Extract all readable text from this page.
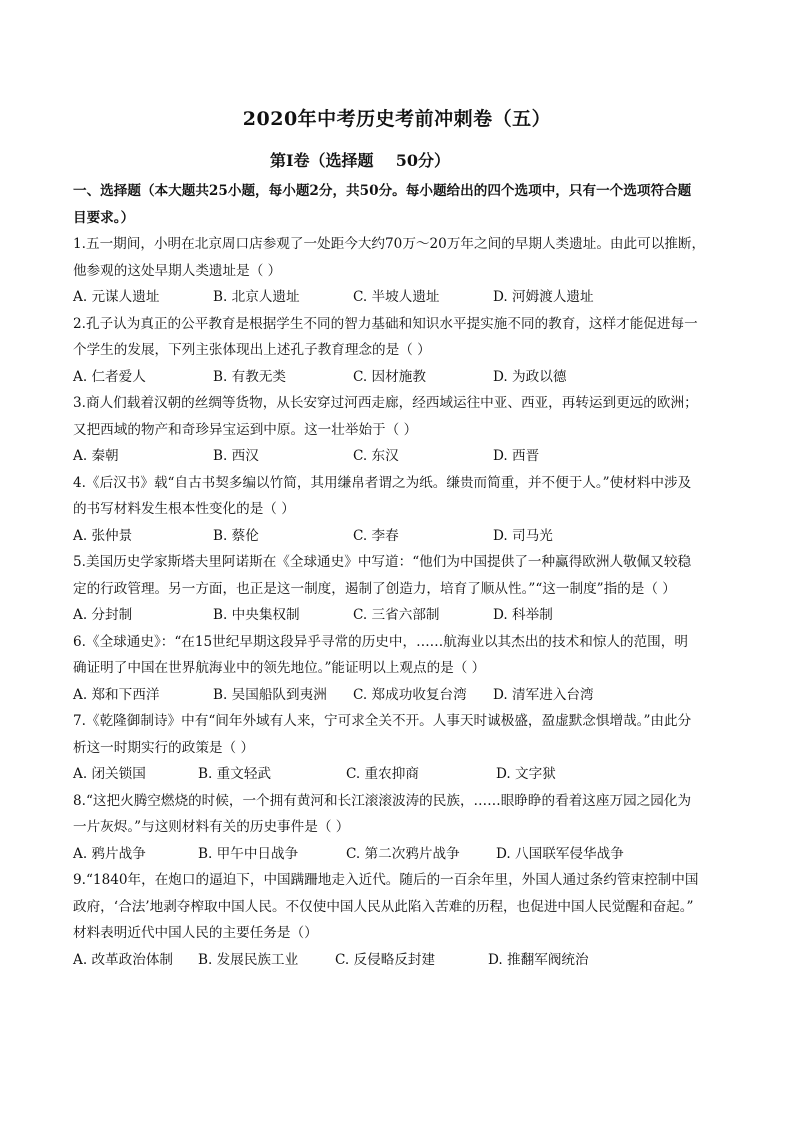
2020年中考历史考前冲刺卷（五）
第Ⅰ卷（选择题    50分）
一、选择题（本大题共25小题，每小题2分，共50分。每小题给出的四个选项中，只有一个选项符合题
目要求。）
1.五一期间，小明在北京周口店参观了一处距今大约70万～20万年之间的早期人类遗址。由此可以推断，
他参观的这处早期人类遗址是（ ）
A. 元谋人遗址	B. 北京人遗址	C. 半坡人遗址	D. 河姆渡人遗址
2.孔子认为真正的公平教育是根据学生不同的智力基础和知识水平提实施不同的教育，这样才能促进每一
个学生的发展，下列主张体现出上述孔子教育理念的是（ ）
A. 仁者爱人	B. 有教无类	C. 因材施教	D. 为政以德
3.商人们载着汉朝的丝绸等货物，从长安穿过河西走廊，经西域运往中亚、西亚，再转运到更远的欧洲；
又把西域的物产和奇珍异宝运到中原。这一壮举始于（ ）
A. 秦朝	B. 西汉	C. 东汉	D. 西晋
4.《后汉书》载“自古书契多编以竹简，其用缣帛者谓之为纸。缣贵而简重，并不便于人。”使材料中涉及
的书写材料发生根本性变化的是（ ）
A. 张仲景	B. 蔡伦	C. 李春	D. 司马光
5.美国历史学家斯塔夫里阿诺斯在《全球通史》中写道：“他们为中国提供了一种赢得欧洲人敬佩又较稳
定的行政管理。另一方面，也正是这一制度，遏制了创造力，培育了顺从性。”“这一制度”指的是（ ）
A. 分封制	B. 中央集权制	C. 三省六部制	D. 科举制
6.《全球通史》：“在15世纪早期这段异乎寻常的历史中，……航海业以其杰出的技术和惊人的范围，明
确证明了中国在世界航海业中的领先地位。”能证明以上观点的是（ ）
A. 郑和下西洋	B. 吴国船队到夷洲	C. 郑成功收复台湾	D. 清军进入台湾
7.《乾隆御制诗》中有“间年外域有人来，宁可求全关不开。人事天时诚极盛，盈虚默念惧增哉。”由此分
析这一时期实行的政策是（ ）
A. 闭关锁国	B. 重文轻武	C. 重农抑商	D. 文字狱
8.“这把火腾空燃烧的时候，一个拥有黄河和长江滚滚波涛的民族，……眼睁睁的看着这座万园之园化为
一片灰烬。”与这则材料有关的历史事件是（ ）
A. 鸦片战争	B. 甲午中日战争	C. 第二次鸦片战争	D. 八国联军侵华战争
9.“1840年，在炮口的逼迫下，中国蹒跚地走入近代。随后的一百余年里，外国人通过条约管束控制中国
政府，‘合法’地剥夺榨取中国人民。不仅使中国人民从此陷入苦难的历程，也促进中国人民觉醒和奋起。”
材料表明近代中国人民的主要任务是（）
A. 改革政治体制	B. 发展民族工业	C. 反侵略反封建	D. 推翻军阀统治
